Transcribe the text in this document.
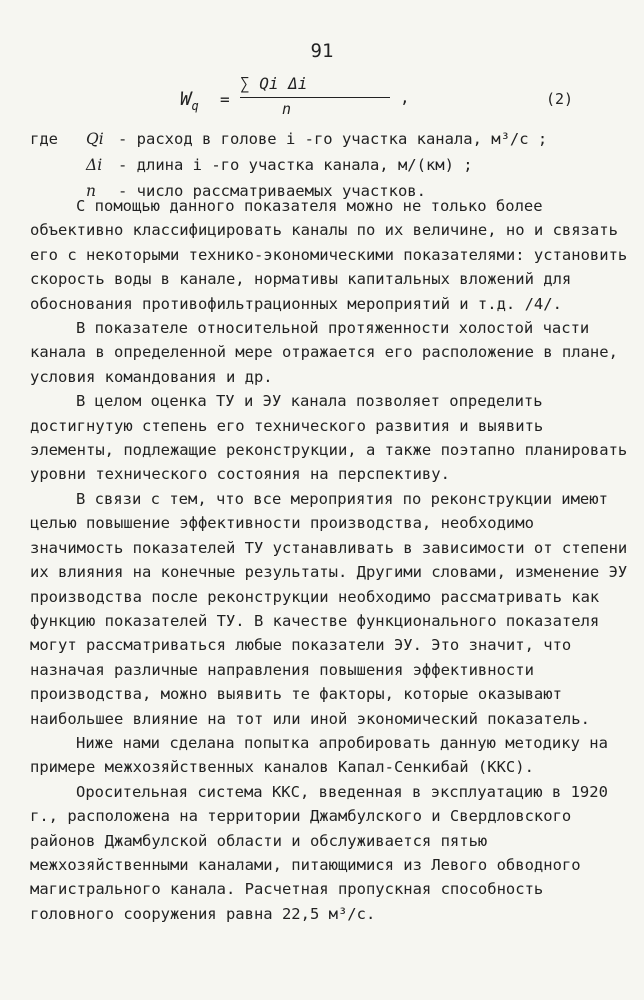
91
$W_q$ =
∑ Qi Δi
n
,	(2)
где Qi - расход в голове i -го участка канала, м³/с ;
Δi - длина i -го участка канала, м/(км) ;
n - число рассматриваемых участков.

С помощью данного показателя можно не только более объективно классифицировать каналы по их величине, но и связать его с некоторыми технико-экономическими показателями: установить скорость воды в канале, нормативы капитальных вложений для обоснования противофильтрационных мероприятий и т.д. /4/.

В показателе относительной протяженности холостой части канала в определенной мере отражается его расположение в плане, условия командования и др.

В целом оценка ТУ и ЭУ канала позволяет определить достигнутую степень его технического развития и выявить элементы, подлежащие реконструкции, а также поэтапно планировать уровни технического состояния на перспективу.

В связи с тем, что все мероприятия по реконструкции имеют целью повышение эффективности производства, необходимо значимость показателей ТУ устанавливать в зависимости от степени их влияния на конечные результаты. Другими словами, изменение ЭУ производства после реконструкции необходимо рассматривать как функцию показателей ТУ. В качестве функционального показателя могут рассматриваться любые показатели ЭУ. Это значит, что назначая различные направления повышения эффективности производства, можно выявить те факторы, которые оказывают наибольшее влияние на тот или иной экономический показатель.

Ниже нами сделана попытка апробировать данную методику на примере межхозяйственных каналов Капал-Сенкибай (ККС).

Оросительная система ККС, введенная в эксплуатацию в 1920 г., расположена на территории Джамбулского и Свердловского районов Джамбулской области и обслуживается пятью межхозяйственными каналами, питающимися из Левого обводного магистрального канала. Расчетная пропускная способность головного сооружения равна 22,5 м³/с.
